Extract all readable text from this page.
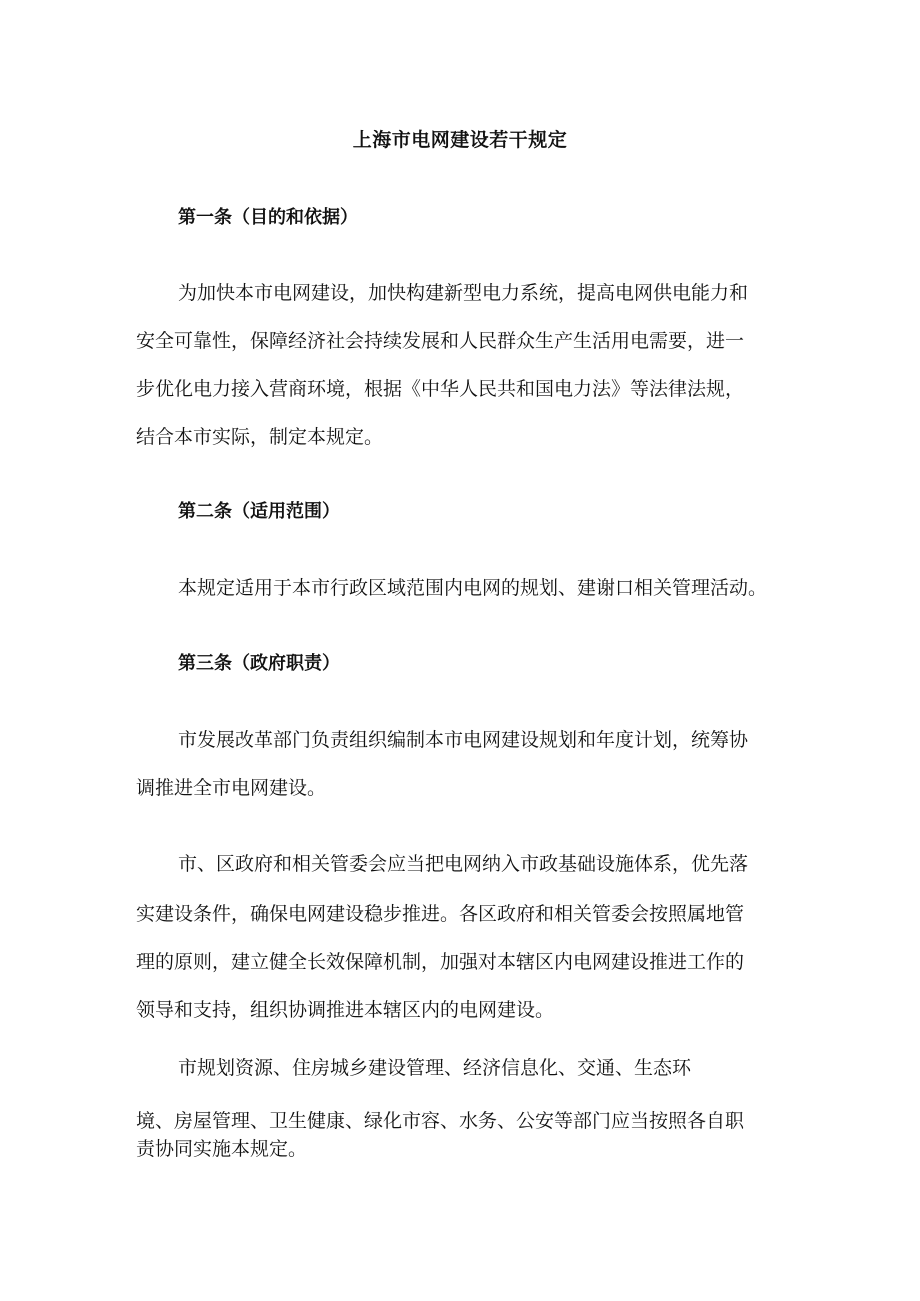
上海市电网建设若干规定
第一条（目的和依据）
为加快本市电网建设，加快构建新型电力系统，提高电网供电能力和
安全可靠性，保障经济社会持续发展和人民群众生产生活用电需要，进一
步优化电力接入营商环境，根据《中华人民共和国电力法》等法律法规，
结合本市实际，制定本规定。
第二条（适用范围）
本规定适用于本市行政区域范围内电网的规划、建谢口相关管理活动。
第三条（政府职责）
市发展改革部门负责组织编制本市电网建设规划和年度计划，统筹协
调推进全市电网建设。
市、区政府和相关管委会应当把电网纳入市政基础设施体系，优先落
实建设条件，确保电网建设稳步推进。各区政府和相关管委会按照属地管
理的原则，建立健全长效保障机制，加强对本辖区内电网建设推进工作的
领导和支持，组织协调推进本辖区内的电网建设。
市规划资源、住房城乡建设管理、经济信息化、交通、生态环
境、房屋管理、卫生健康、绿化市容、水务、公安等部门应当按照各自职
责协同实施本规定。
